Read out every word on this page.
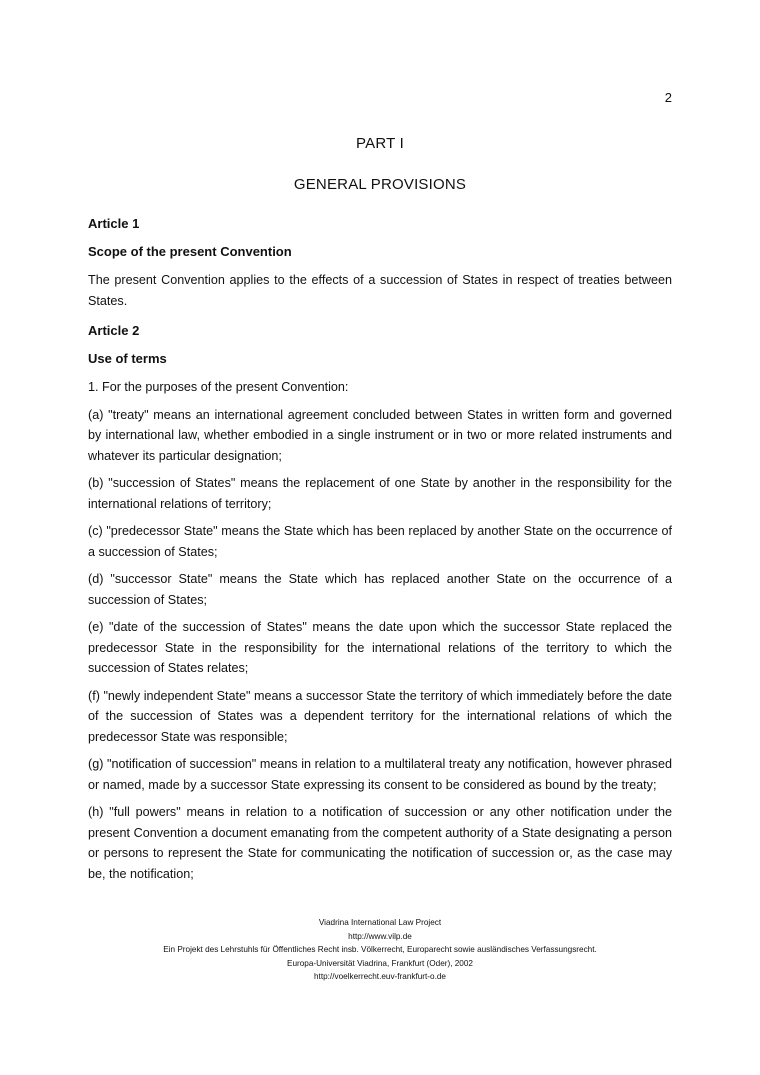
2
PART I
GENERAL PROVISIONS
Article 1
Scope of the present Convention

The present Convention applies to the effects of a succession of States in respect of treaties between States.

Article 2
Use of terms

1. For the purposes of the present Convention:

(a) "treaty" means an international agreement concluded between States in written form and governed by international law, whether embodied in a single instrument or in two or more related instruments and whatever its particular designation;

(b) "succession of States" means the replacement of one State by another in the responsibility for the international relations of territory;

(c) "predecessor State" means the State which has been replaced by another State on the occurrence of a succession of States;

(d) "successor State" means the State which has replaced another State on the occurrence of a succession of States;

(e) "date of the succession of States" means the date upon which the successor State replaced the predecessor State in the responsibility for the international relations of the territory to which the succession of States relates;

(f) "newly independent State" means a successor State the territory of which immediately before the date of the succession of States was a dependent territory for the international relations of which the predecessor State was responsible;

(g) "notification of succession" means in relation to a multilateral treaty any notification, however phrased or named, made by a successor State expressing its consent to be considered as bound by the treaty;

(h) "full powers" means in relation to a notification of succession or any other notification under the present Convention a document emanating from the competent authority of a State designating a person or persons to represent the State for communicating the notification of succession or, as the case may be, the notification;

Viadrina International Law Project
http://www.vilp.de
Ein Projekt des Lehrstuhls für Öffentliches Recht insb. Völkerrecht, Europarecht sowie ausländisches Verfassungsrecht.
Europa-Universität Viadrina, Frankfurt (Oder), 2002
http://voelkerrecht.euv-frankfurt-o.de
